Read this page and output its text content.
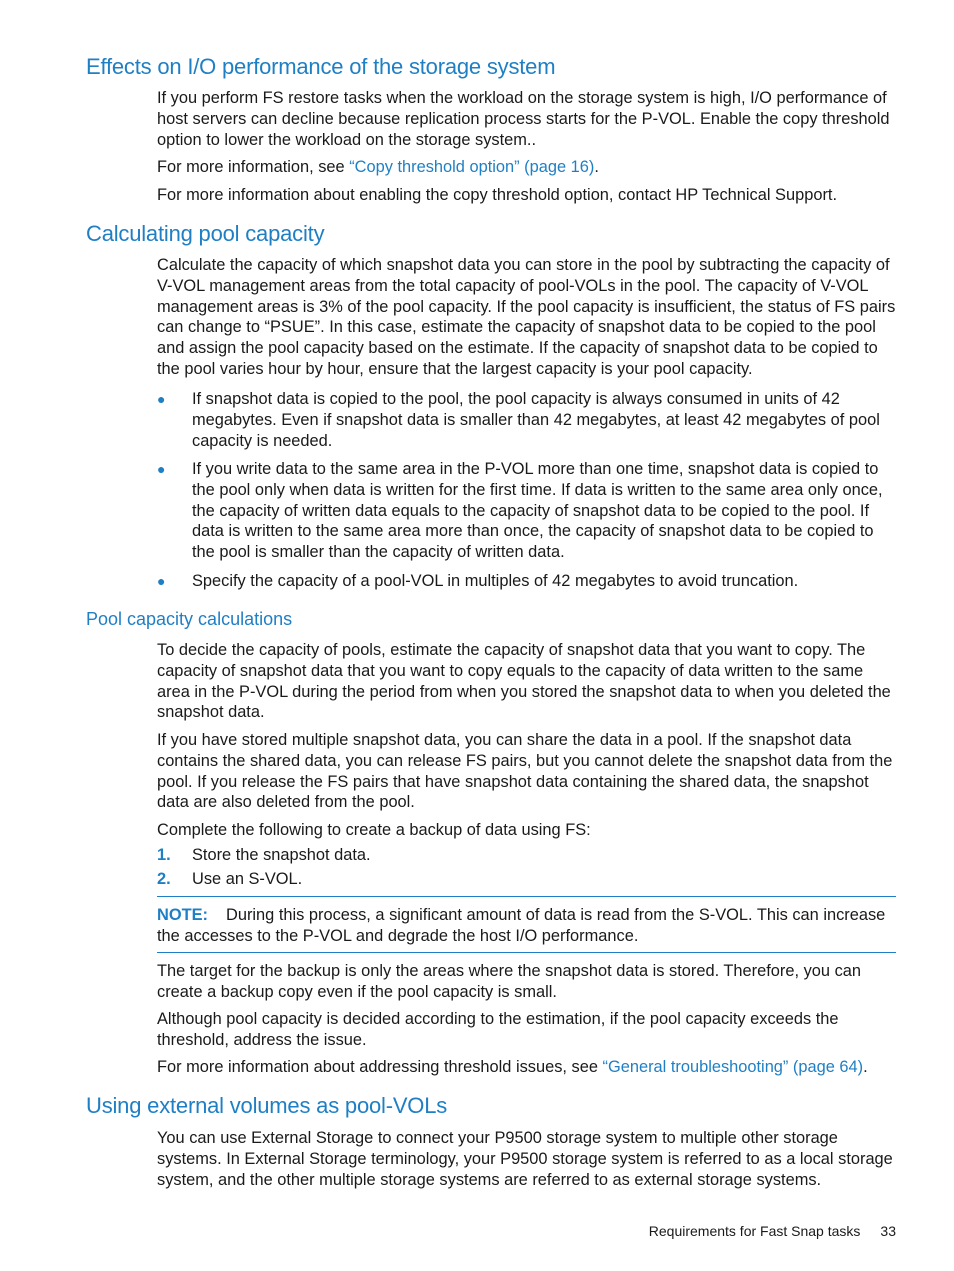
Effects on I/O performance of the storage system

If you perform FS restore tasks when the workload on the storage system is high, I/O performance of host servers can decline because replication process starts for the P-VOL. Enable the copy threshold option to lower the workload on the storage system..

For more information, see “Copy threshold option” (page 16).

For more information about enabling the copy threshold option, contact HP Technical Support.

Calculating pool capacity

Calculate the capacity of which snapshot data you can store in the pool by subtracting the capacity of V-VOL management areas from the total capacity of pool-VOLs in the pool. The capacity of V-VOL management areas is 3% of the pool capacity. If the pool capacity is insufficient, the status of FS pairs can change to “PSUE”. In this case, estimate the capacity of snapshot data to be copied to the pool and assign the pool capacity based on the estimate. If the capacity of snapshot data to be copied to the pool varies hour by hour, ensure that the largest capacity is your pool capacity.

● If snapshot data is copied to the pool, the pool capacity is always consumed in units of 42 megabytes. Even if snapshot data is smaller than 42 megabytes, at least 42 megabytes of pool capacity is needed.
● If you write data to the same area in the P-VOL more than one time, snapshot data is copied to the pool only when data is written for the first time. If data is written to the same area only once, the capacity of written data equals to the capacity of snapshot data to be copied to the pool. If data is written to the same area more than once, the capacity of snapshot data to be copied to the pool is smaller than the capacity of written data.
● Specify the capacity of a pool-VOL in multiples of 42 megabytes to avoid truncation.
Pool capacity calculations

To decide the capacity of pools, estimate the capacity of snapshot data that you want to copy. The capacity of snapshot data that you want to copy equals to the capacity of data written to the same area in the P-VOL during the period from when you stored the snapshot data to when you deleted the snapshot data.

If you have stored multiple snapshot data, you can share the data in a pool. If the snapshot data contains the shared data, you can release FS pairs, but you cannot delete the snapshot data from the pool. If you release the FS pairs that have snapshot data containing the shared data, the snapshot data are also deleted from the pool.

Complete the following to create a backup of data using FS:

1. Store the snapshot data.
2. Use an S-VOL.
NOTE: During this process, a significant amount of data is read from the S-VOL. This can increase the accesses to the P-VOL and degrade the host I/O performance.

The target for the backup is only the areas where the snapshot data is stored. Therefore, you can create a backup copy even if the pool capacity is small.

Although pool capacity is decided according to the estimation, if the pool capacity exceeds the threshold, address the issue.

For more information about addressing threshold issues, see “General troubleshooting” (page 64).

Using external volumes as pool-VOLs

You can use External Storage to connect your P9500 storage system to multiple other storage systems. In External Storage terminology, your P9500 storage system is referred to as a local storage system, and the other multiple storage systems are referred to as external storage systems.

Requirements for Fast Snap tasks 33
